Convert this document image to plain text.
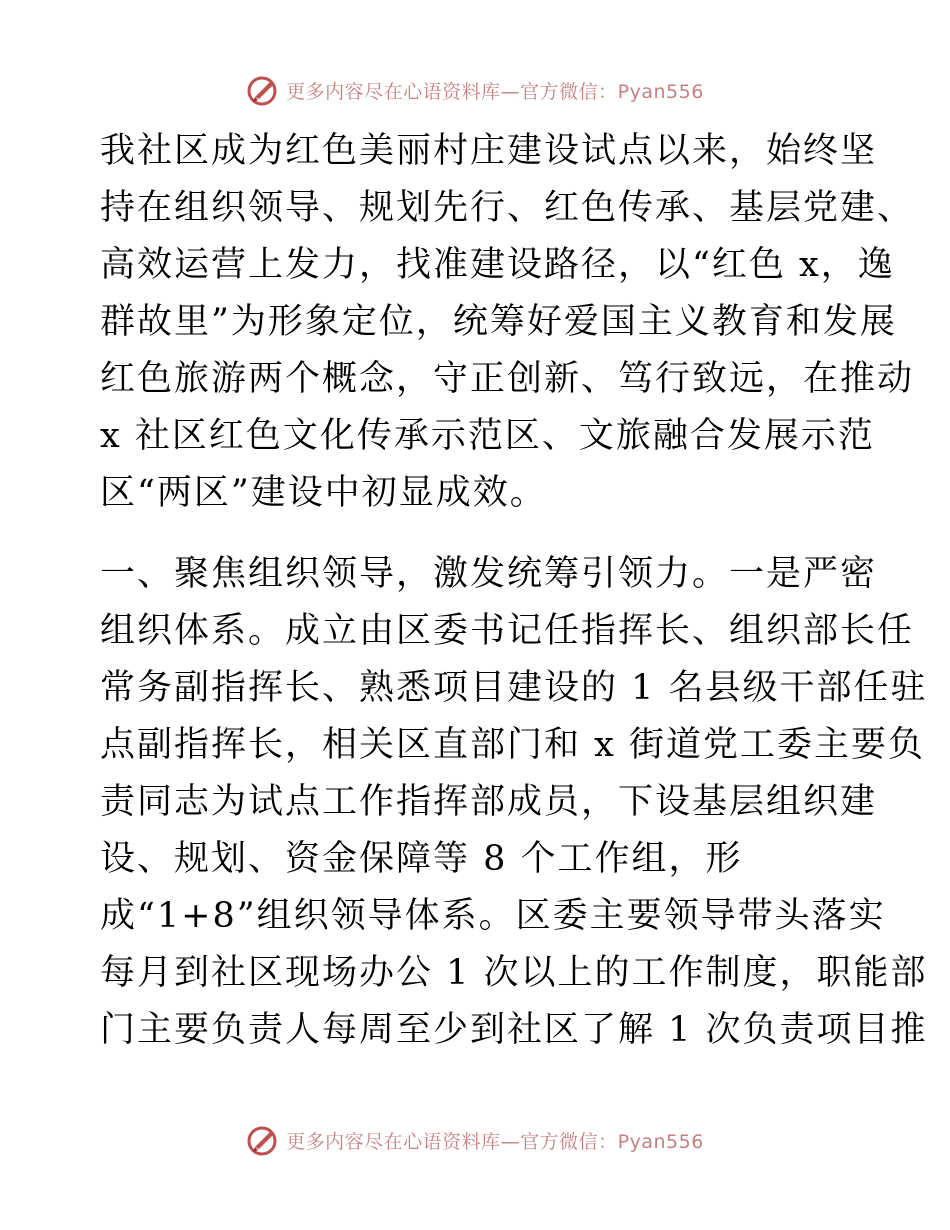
更多内容尽在心语资料库—官方微信：Pyan556
我社区成为红色美丽村庄建设试点以来，始终坚
持在组织领导、规划先行、红色传承、基层党建、
高效运营上发力，找准建设路径，以“红色 x，逸
群故里”为形象定位，统筹好爱国主义教育和发展
红色旅游两个概念，守正创新、笃行致远，在推动
x 社区红色文化传承示范区、文旅融合发展示范
区“两区”建设中初显成效。
一、聚焦组织领导，激发统筹引领力。一是严密
组织体系。成立由区委书记任指挥长、组织部长任
常务副指挥长、熟悉项目建设的 1 名县级干部任驻
点副指挥长，相关区直部门和 x 街道党工委主要负
责同志为试点工作指挥部成员，下设基层组织建
设、规划、资金保障等 8 个工作组，形
成“1+8”组织领导体系。区委主要领导带头落实
每月到社区现场办公 1 次以上的工作制度，职能部
门主要负责人每周至少到社区了解 1 次负责项目推
更多内容尽在心语资料库—官方微信：Pyan556
